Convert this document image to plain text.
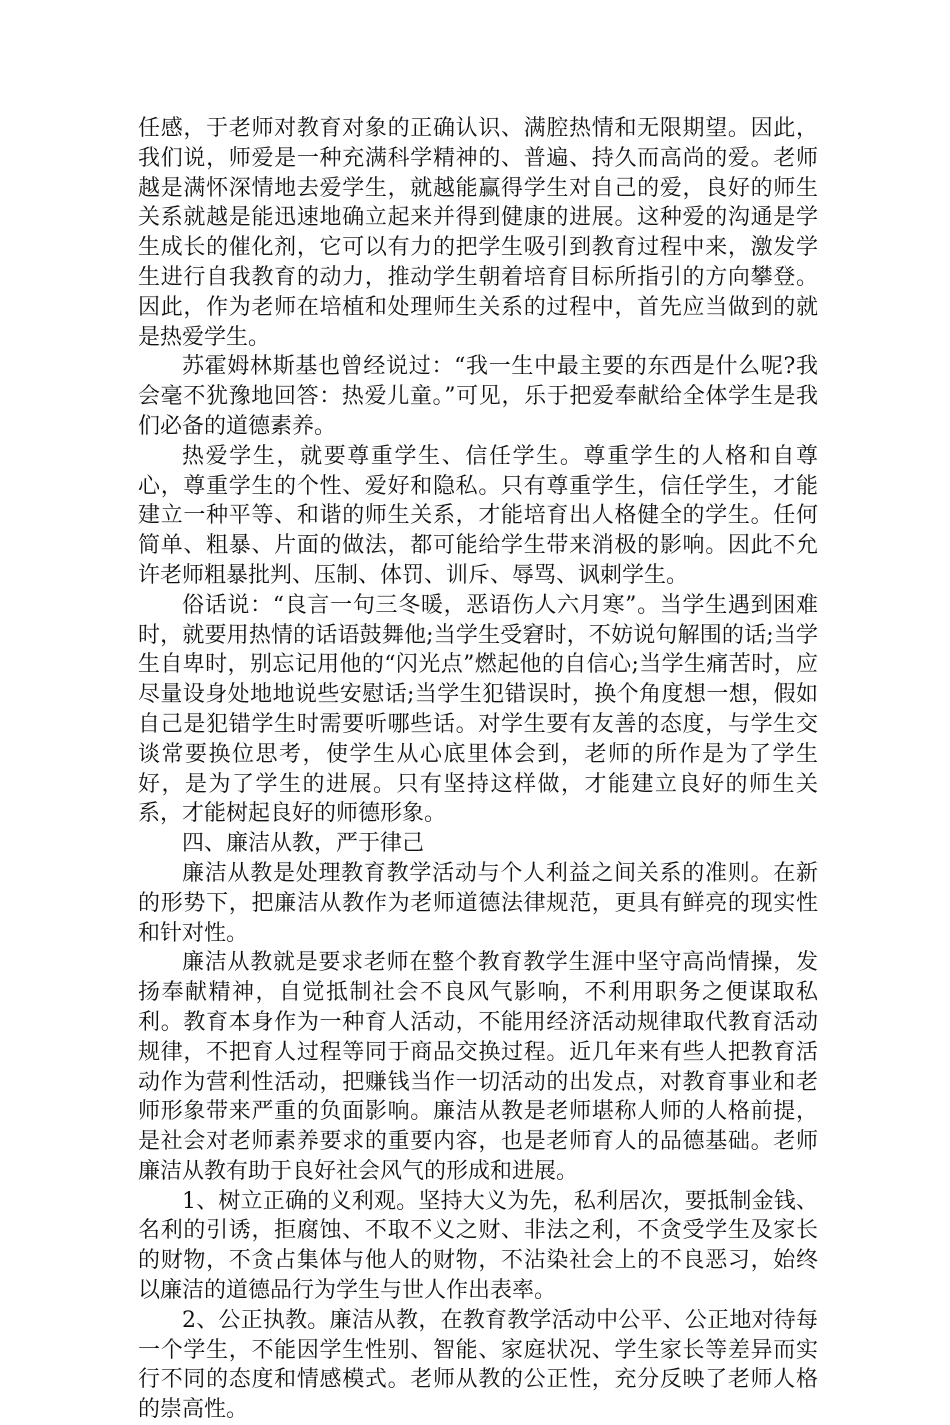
任感，于老师对教育对象的正确认识、满腔热情和无限期望。因此，我们说，师爱是一种充满科学精神的、普遍、持久而高尚的爱。老师越是满怀深情地去爱学生，就越能赢得学生对自己的爱，良好的师生关系就越是能迅速地确立起来并得到健康的进展。这种爱的沟通是学生成长的催化剂，它可以有力的把学生吸引到教育过程中来，激发学生进行自我教育的动力，推动学生朝着培育目标所指引的方向攀登。因此，作为老师在培植和处理师生关系的过程中，首先应当做到的就是热爱学生。

苏霍姆林斯基也曾经说过：“我一生中最主要的东西是什么呢?我会毫不犹豫地回答：热爱儿童。”可见，乐于把爱奉献给全体学生是我们必备的道德素养。

热爱学生，就要尊重学生、信任学生。尊重学生的人格和自尊心，尊重学生的个性、爱好和隐私。只有尊重学生，信任学生，才能建立一种平等、和谐的师生关系，才能培育出人格健全的学生。任何简单、粗暴、片面的做法，都可能给学生带来消极的影响。因此不允许老师粗暴批判、压制、体罚、训斥、辱骂、讽刺学生。

俗话说：“良言一句三冬暖，恶语伤人六月寒”。当学生遇到困难时，就要用热情的话语鼓舞他;当学生受窘时，不妨说句解围的话;当学生自卑时，别忘记用他的“闪光点”燃起他的自信心;当学生痛苦时，应尽量设身处地地说些安慰话;当学生犯错误时，换个角度想一想，假如自己是犯错学生时需要听哪些话。对学生要有友善的态度，与学生交谈常要换位思考，使学生从心底里体会到，老师的所作是为了学生好，是为了学生的进展。只有坚持这样做，才能建立良好的师生关系，才能树起良好的师德形象。

四、廉洁从教，严于律己

廉洁从教是处理教育教学活动与个人利益之间关系的准则。在新的形势下，把廉洁从教作为老师道德法律规范，更具有鲜亮的现实性和针对性。

廉洁从教就是要求老师在整个教育教学生涯中坚守高尚情操，发扬奉献精神，自觉抵制社会不良风气影响，不利用职务之便谋取私利。教育本身作为一种育人活动，不能用经济活动规律取代教育活动规律，不把育人过程等同于商品交换过程。近几年来有些人把教育活动作为营利性活动，把赚钱当作一切活动的出发点，对教育事业和老师形象带来严重的负面影响。廉洁从教是老师堪称人师的人格前提，是社会对老师素养要求的重要内容，也是老师育人的品德基础。老师廉洁从教有助于良好社会风气的形成和进展。

1、树立正确的义利观。坚持大义为先，私利居次，要抵制金钱、名利的引诱，拒腐蚀、不取不义之财、非法之利，不贪受学生及家长的财物，不贪占集体与他人的财物，不沾染社会上的不良恶习，始终以廉洁的道德品行为学生与世人作出表率。

2、公正执教。廉洁从教，在教育教学活动中公平、公正地对待每一个学生，不能因学生性别、智能、家庭状况、学生家长等差异而实行不同的态度和情感模式。老师从教的公正性，充分反映了老师人格的崇高性。
